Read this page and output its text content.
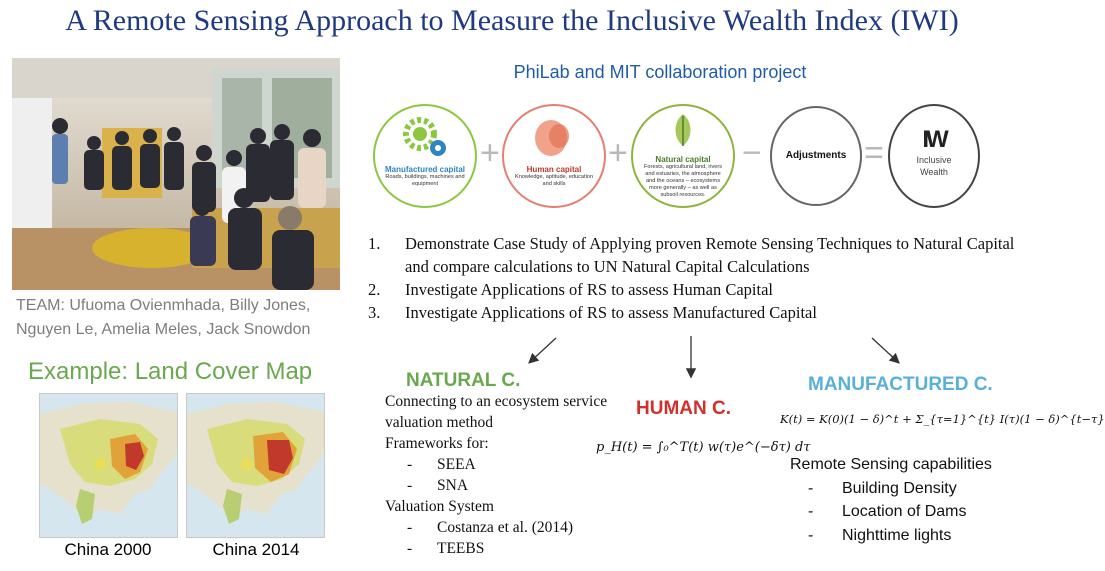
A Remote Sensing Approach to Measure the Inclusive Wealth Index (IWI)
PhiLab and MIT collaboration project
TEAM: Ufuoma Ovienmhada, Billy Jones, Nguyen Le, Amelia Meles, Jack Snowdon
Example: Land Cover Map
China 2000	China 2014
Manufactured capital
Roads, buildings, machines and equipment
+	Human capital
Knowledge, aptitude, education and skills
+	Natural capital
Forests, agricultural land, rivers and estuaries, the atmosphere and the oceans – ecosystems more generally – as well as subsoil resources.
−	Adjustments =	IW
Inclusive Wealth
1. Demonstrate Case Study of Applying proven Remote Sensing Techniques to Natural Capital and compare calculations to UN Natural Capital Calculations
2. Investigate Applications of RS to assess Human Capital
3. Investigate Applications of RS to assess Manufactured Capital
NATURAL C.
Connecting to an ecosystem service valuation method
Frameworks for:
- SEEA
- SNA
Valuation System
- Costanza et al. (2014)
- TEEBS
HUMAN C.
p_H(t) = ∫₀^T(t) w(τ)e^(−δτ) dτ
MANUFACTURED C.
K(t) = K(0)(1 − δ)^t + Σ_{τ=1}^{t} I(τ)(1 − δ)^{t−τ}
Remote Sensing capabilities
- Building Density
- Location of Dams
- Nighttime lights
